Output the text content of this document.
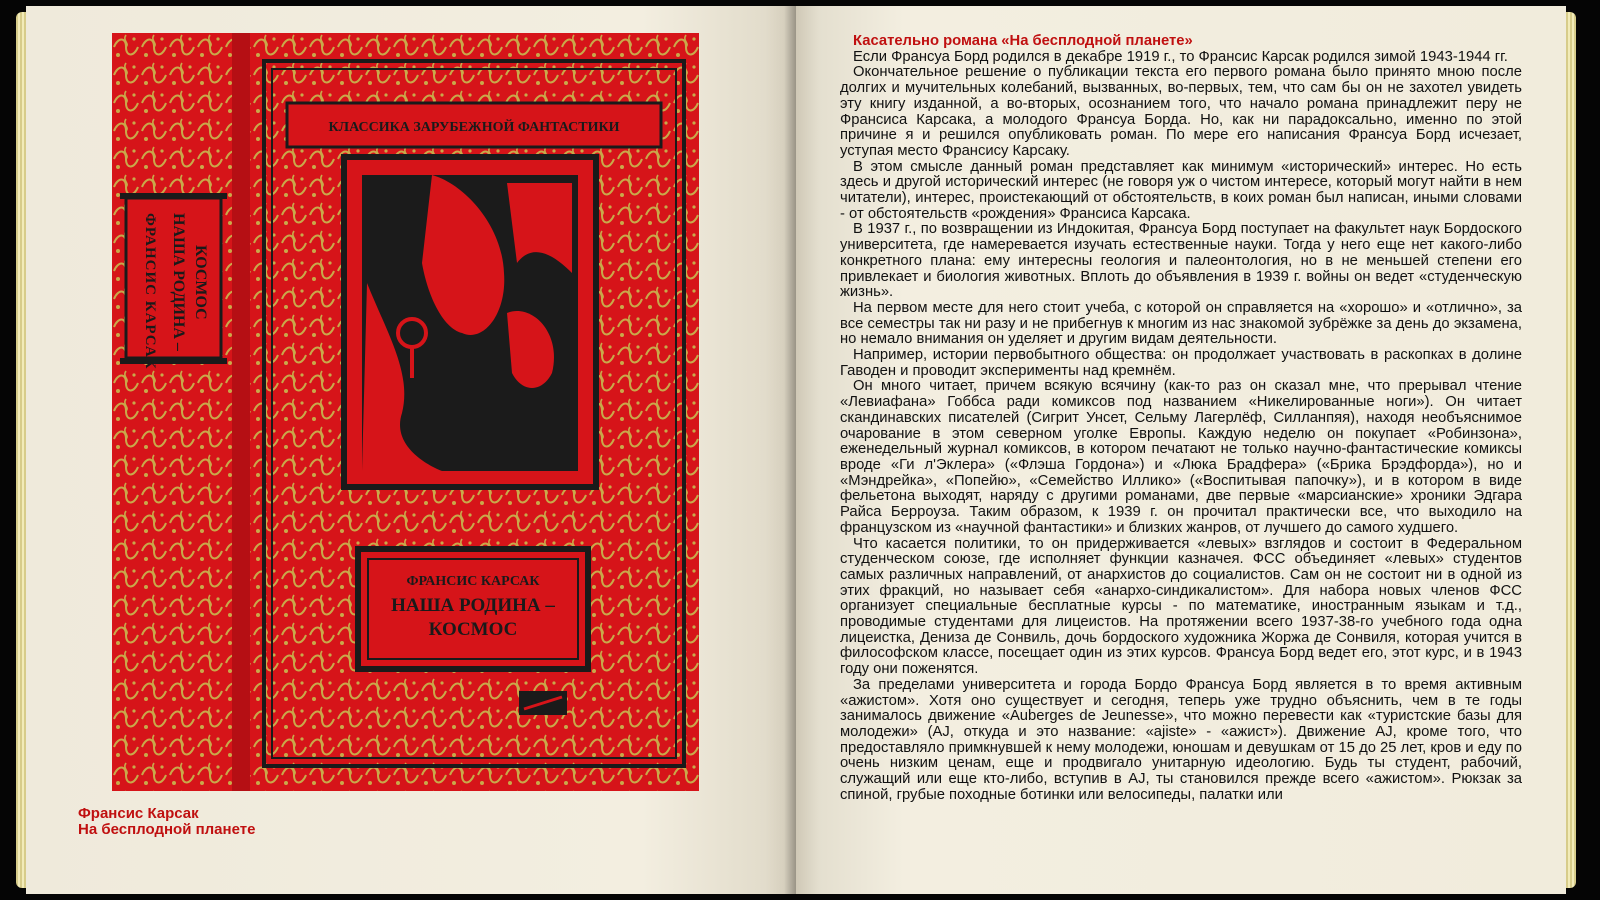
ФРАНСИС КАРСАК НАША РОДИНА – КОСМОС
КЛАССИКА ЗАРУБЕЖНОЙ ФАНТАСТИКИ
ФРАНСИС КАРСАК
НАША РОДИНА –
КОСМОС
Франсис Карсак
На бесплодной планете
Касательно романа «На бесплодной планете»

Если Франсуа Борд родился в декабре 1919 г., то Франсис Карсак родился зимой 1943-1944 гг.

Окончательное решение о публикации текста его первого романа было принято мною после долгих и мучительных колебаний, вызванных, во-первых, тем, что сам бы он не захотел увидеть эту книгу изданной, а во-вторых, осознанием того, что начало романа принадлежит перу не Франсиса Карсака, а молодого Франсуа Борда. Но, как ни парадоксально, именно по этой причине я и решился опубликовать роман. По мере его написания Франсуа Борд исчезает, уступая место Франсису Карсаку.

В этом смысле данный роман представляет как минимум «исторический» интерес. Но есть здесь и другой исторический интерес (не говоря уж о чистом интересе, который могут найти в нем читатели), интерес, проистекающий от обстоятельств, в коих роман был написан, иными словами - от обстоятельств «рождения» Франсиса Карсака.

В 1937 г., по возвращении из Индокитая, Франсуа Борд поступает на факультет наук Бордоского университета, где намеревается изучать естественные науки. Тогда у него еще нет какого-либо конкретного плана: ему интересны геология и палеонтология, но в не меньшей степени его привлекает и биология животных. Вплоть до объявления в 1939 г. войны он ведет «студенческую жизнь».

На первом месте для него стоит учеба, с которой он справляется на «хорошо» и «отлично», за все семестры так ни разу и не прибегнув к многим из нас знакомой зубрёжке за день до экзамена, но немало внимания он уделяет и другим видам деятельности.

Например, истории первобытного общества: он продолжает участвовать в раскопках в долине Гаводен и проводит эксперименты над кремнём.

Он много читает, причем всякую всячину (как-то раз он сказал мне, что прерывал чтение «Левиафана» Гоббса ради комиксов под названием «Никелированные ноги»). Он читает скандинавских писателей (Сигрит Унсет, Сельму Лагерлёф, Силланпяя), находя необъяснимое очарование в этом северном уголке Европы. Каждую неделю он покупает «Робинзона», еженедельный журнал комиксов, в котором печатают не только научно-фантастические комиксы вроде «Ги л'Эклера» («Флэша Гордона») и «Люка Брадфера» («Брика Брэдфорда»), но и «Мэндрейка», «Попейю», «Семейство Иллико» («Воспитывая папочку»), и в котором в виде фельетона выходят, наряду с другими романами, две первые «марсианские» хроники Эдгара Райса Берроуза. Таким образом, к 1939 г. он прочитал практически все, что выходило на французском из «научной фантастики» и близких жанров, от лучшего до самого худшего.

Что касается политики, то он придерживается «левых» взглядов и состоит в Федеральном студенческом союзе, где исполняет функции казначея. ФСС объединяет «левых» студентов самых различных направлений, от анархистов до социалистов. Сам он не состоит ни в одной из этих фракций, но называет себя «анархо-синдикалистом». Для набора новых членов ФСС организует специальные бесплатные курсы - по математике, иностранным языкам и т.д., проводимые студентами для лицеистов. На протяжении всего 1937-38-го учебного года одна лицеистка, Дениза де Сонвиль, дочь бордоского художника Жоржа де Сонвиля, которая учится в философском классе, посещает один из этих курсов. Франсуа Борд ведет его, этот курс, и в 1943 году они поженятся.

За пределами университета и города Бордо Франсуа Борд является в то время активным «ажистом». Хотя оно существует и сегодня, теперь уже трудно объяснить, чем в те годы занималось движение «Auberges de Jeunesse», что можно перевести как «туристские базы для молодежи» (AJ, откуда и это название: «ajiste» - «ажист»). Движение AJ, кроме того, что предоставляло примкнувшей к нему молодежи, юношам и девушкам от 15 до 25 лет, кров и еду по очень низким ценам, еще и продвигало унитарную идеологию. Будь ты студент, рабочий, служащий или еще кто-либо, вступив в AJ, ты становился прежде всего «ажистом». Рюкзак за спиной, грубые походные ботинки или велосипеды, палатки или
